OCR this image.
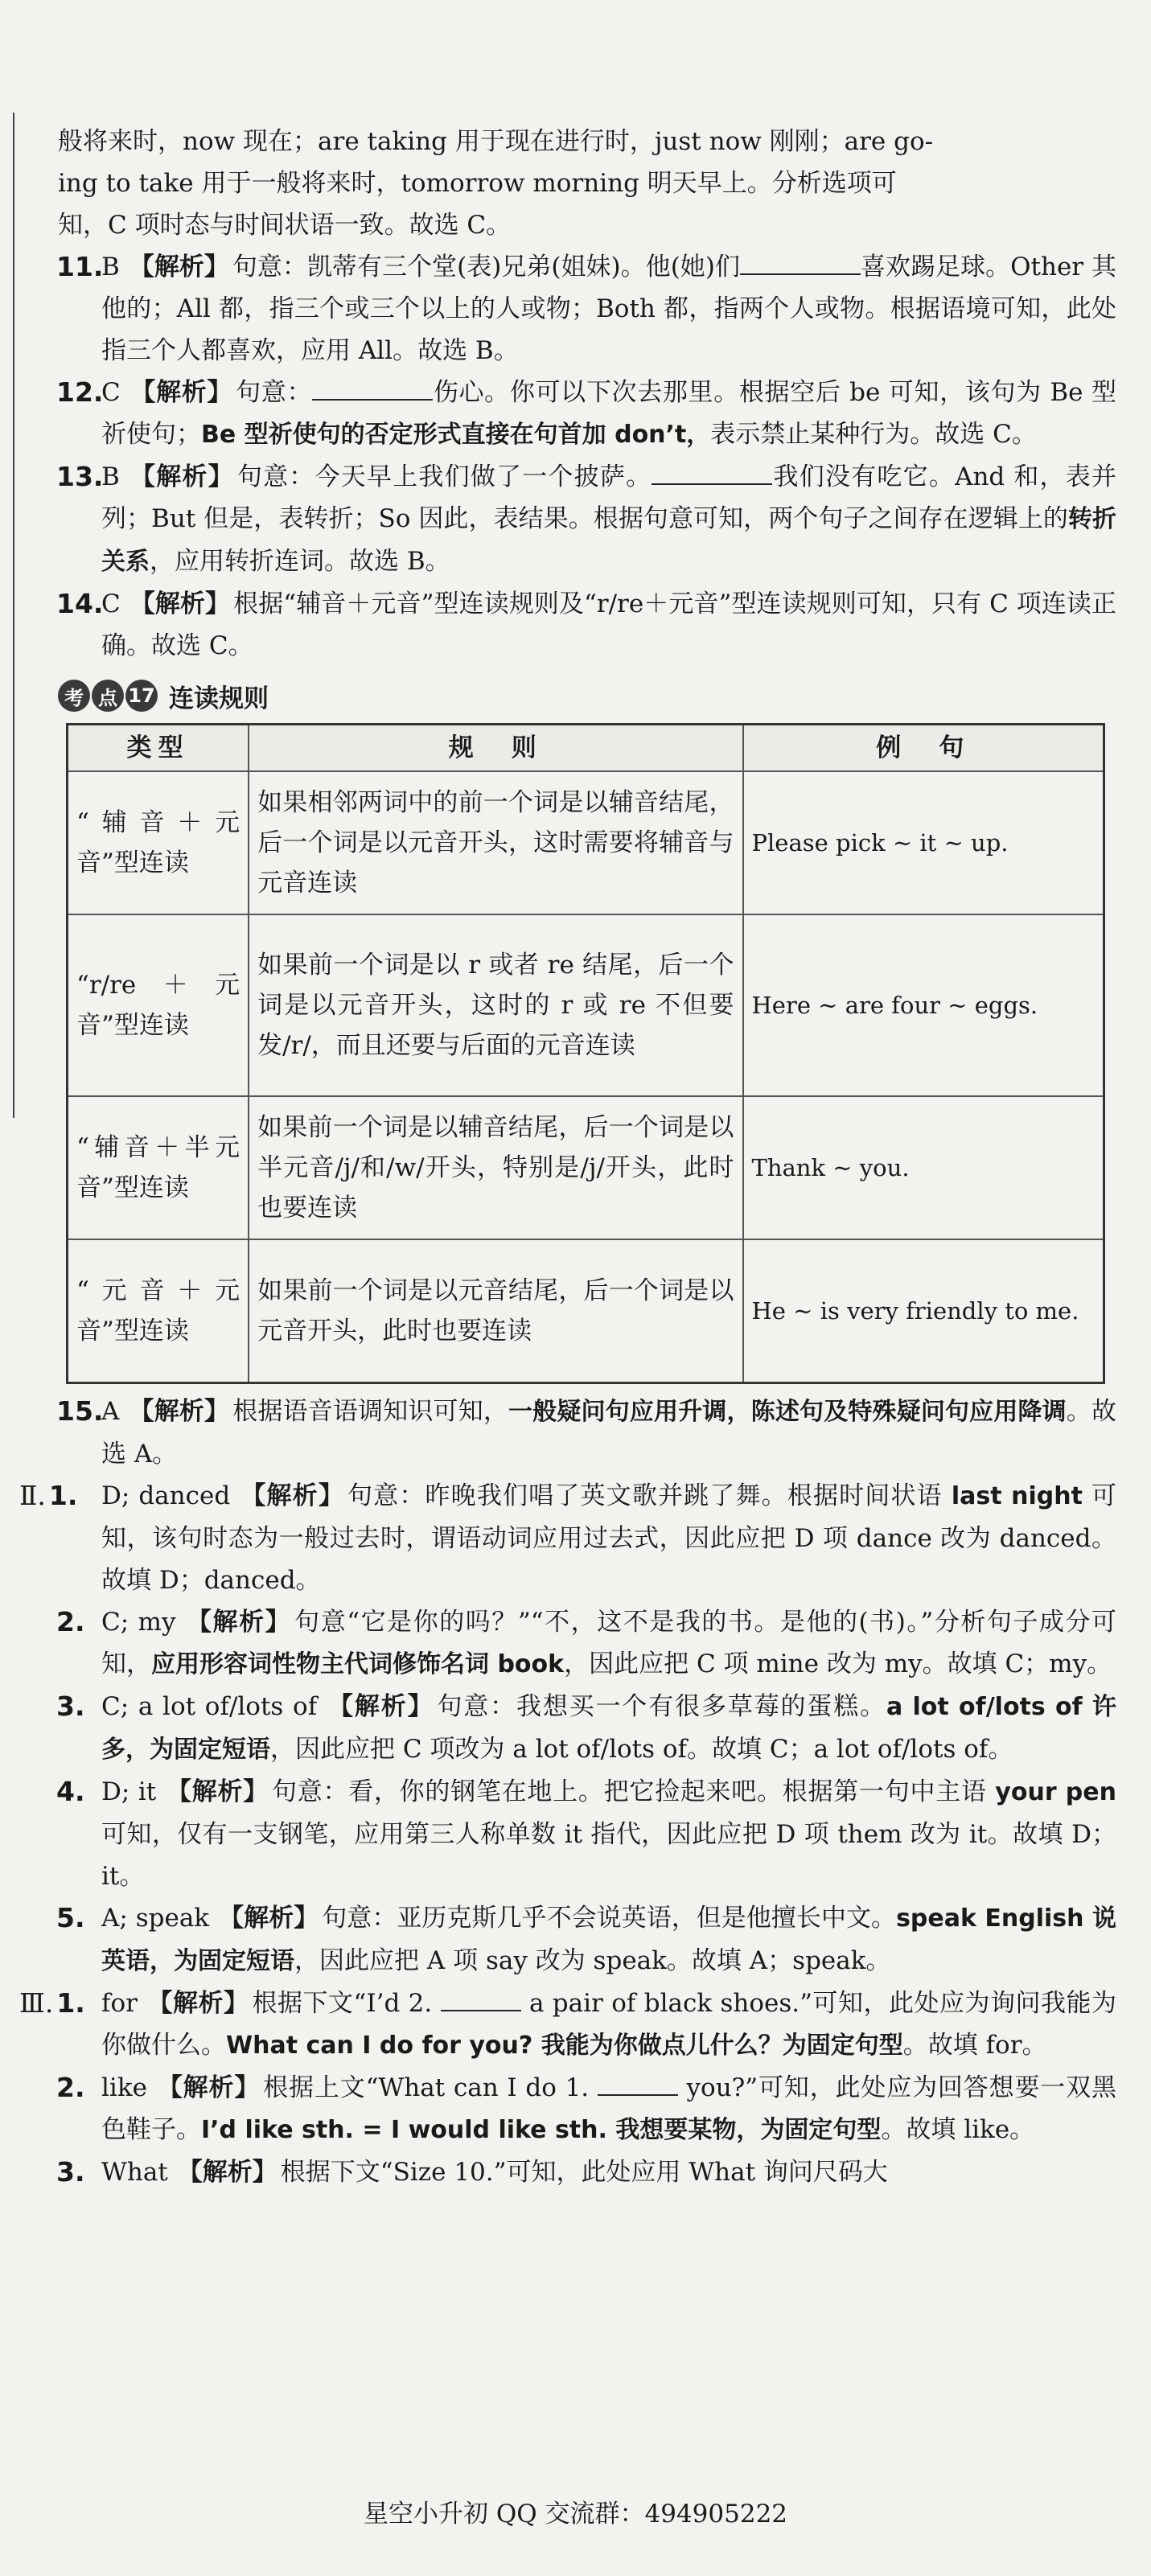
般将来时，now 现在；are taking 用于现在进行时，just now 刚刚；are go-

ing to take 用于一般将来时，tomorrow morning 明天早上。分析选项可

知，C 项时态与时间状语一致。故选 C。

11.
B 【解析】 句意：凯蒂有三个堂(表)兄弟(姐妹)。他(她)们	喜欢踢足球。Other 其他的；All 都，指三个或三个以上的人或物；Both 都，指两个人或物。根据语境可知，此处指三个人都喜欢，应用 All。故选 B。
12.
C 【解析】 句意：	伤心。你可以下次去那里。根据空后 be 可知，该句为 Be 型祈使句；Be 型祈使句的否定形式直接在句首加 don’t，表示禁止某种行为。故选 C。
13.
B 【解析】 句意：今天早上我们做了一个披萨。	我们没有吃它。And 和，表并列；But 但是，表转折；So 因此，表结果。根据句意可知，两个句子之间存在逻辑上的转折关系，应用转折连词。故选 B。
14.
C 【解析】 根据“辅音＋元音”型连读规则及“r/re＋元音”型连读规则可知，只有 C 项连读正确。故选 C。
考 点 17 连读规则
类型	规　则	例　句
“辅音＋元音”型连读	如果相邻两词中的前一个词是以辅音结尾，后一个词是以元音开头，这时需要将辅音与元音连读	Please pick ~ it ~ up.
“r/re＋元音”型连读	如果前一个词是以 r 或者 re 结尾，后一个词是以元音开头，这时的 r 或 re 不但要发/r/，而且还要与后面的元音连读	Here ~ are four ~ eggs.
“辅音＋半元音”型连读	如果前一个词是以辅音结尾，后一个词是以半元音/j/和/w/开头，特别是/j/开头，此时也要连读	Thank ~ you.
“元音＋元音”型连读	如果前一个词是以元音结尾，后一个词是以元音开头，此时也要连读	He ~ is very friendly to me.
15.
A 【解析】 根据语音语调知识可知，一般疑问句应用升调，陈述句及特殊疑问句应用降调。故选 A。
Ⅱ. 1. D; danced 【解析】 句意：昨晚我们唱了英文歌并跳了舞。根据时间状语 last night 可知，该句时态为一般过去时，谓语动词应用过去式，因此应把 D 项 dance 改为 danced。故填 D；danced。
2. C; my 【解析】 句意“它是你的吗？”“不，这不是我的书。是他的(书)。”分析句子成分可知，应用形容词性物主代词修饰名词 book，因此应把 C 项 mine 改为 my。故填 C；my。
3. C; a lot of/lots of 【解析】 句意：我想买一个有很多草莓的蛋糕。a lot of/lots of 许多，为固定短语，因此应把 C 项改为 a lot of/lots of。故填 C；a lot of/lots of。
4. D; it 【解析】 句意：看，你的钢笔在地上。把它捡起来吧。根据第一句中主语 your pen 可知，仅有一支钢笔，应用第三人称单数 it 指代，因此应把 D 项 them 改为 it。故填 D；it。
5. A; speak 【解析】 句意：亚历克斯几乎不会说英语，但是他擅长中文。speak English 说英语，为固定短语，因此应把 A 项 say 改为 speak。故填 A；speak。
Ⅲ. 1. for 【解析】 根据下文“I’d 2.	a pair of black shoes.”可知，此处应为询问我能为你做什么。What can I do for you? 我能为你做点儿什么？为固定句型。故填 for。
2. like 【解析】 根据上文“What can I do 1.	you?”可知，此处应为回答想要一双黑色鞋子。I’d like sth. = I would like sth. 我想要某物，为固定句型。故填 like。
3. What 【解析】 根据下文“Size 10.”可知，此处应用 What 询问尺码大
星空小升初 QQ 交流群：494905222
